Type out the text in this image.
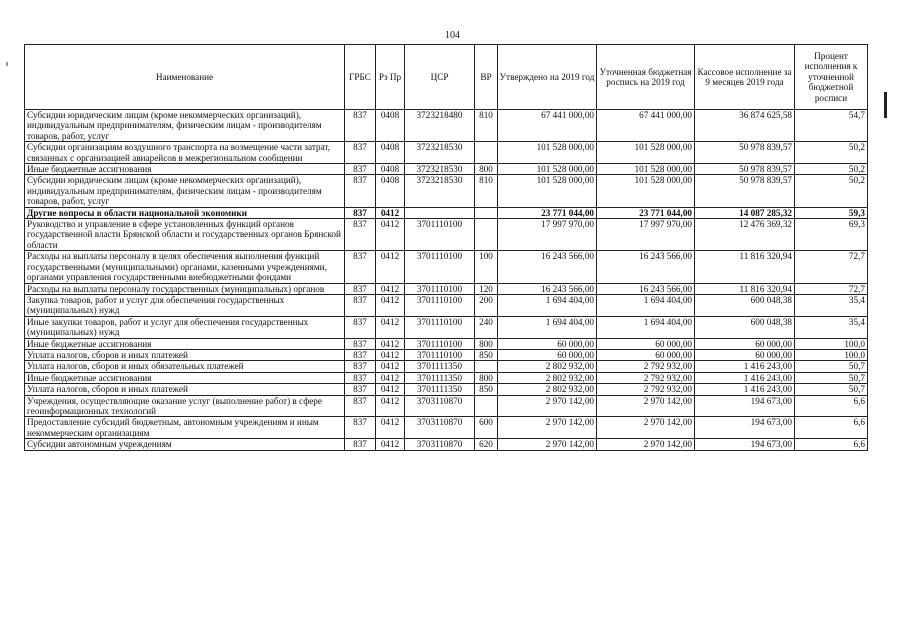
104
Наименование	ГРБС	Рз Пр	ЦСР	ВР	Утверждено на 2019 год	Уточненная бюджетная роспись на 2019 год	Кассовое исполнение за 9 месяцев 2019 года	Процент исполнения к уточненной бюджетной росписи
Субсидии юридическим лицам (кроме некоммерческих организаций), индивидуальным предпринимателям, физическим лицам - производителям товаров, работ, услуг	837	0408	3723218480	810	67 441 000,00	67 441 000,00	36 874 625,58	54,7
Субсидии организациям воздушного транспорта на возмещение части затрат, связанных с организацией авиарейсов в межрегиональном сообщении	837	0408	3723218530		101 528 000,00	101 528 000,00	50 978 839,57	50,2
Иные бюджетные ассигнования	837	0408	3723218530	800	101 528 000,00	101 528 000,00	50 978 839,57	50,2
Субсидии юридическим лицам (кроме некоммерческих организаций), индивидуальным предпринимателям, физическим лицам - производителям товаров, работ, услуг	837	0408	3723218530	810	101 528 000,00	101 528 000,00	50 978 839,57	50,2
Другие вопросы в области национальной экономики	837	0412			23 771 044,00	23 771 044,00	14 087 285,32	59,3
Руководство и управление в сфере установленных функций органов государственной власти Брянской области и государственных органов Брянской области	837	0412	3701110100		17 997 970,00	17 997 970,00	12 476 369,32	69,3
Расходы на выплаты персоналу в целях обеспечения выполнения функций государственными (муниципальными) органами, казенными учреждениями, органами управления государственными внебюджетными фондами	837	0412	3701110100	100	16 243 566,00	16 243 566,00	11 816 320,94	72,7
Расходы на выплаты персоналу государственных (муниципальных) органов	837	0412	3701110100	120	16 243 566,00	16 243 566,00	11 816 320,94	72,7
Закупка товаров, работ и услуг для обеспечения государственных (муниципальных) нужд	837	0412	3701110100	200	1 694 404,00	1 694 404,00	600 048,38	35,4
Иные закупки товаров, работ и услуг для обеспечения государственных (муниципальных) нужд	837	0412	3701110100	240	1 694 404,00	1 694 404,00	600 048,38	35,4
Иные бюджетные ассигнования	837	0412	3701110100	800	60 000,00	60 000,00	60 000,00	100,0
Уплата налогов, сборов и иных платежей	837	0412	3701110100	850	60 000,00	60 000,00	60 000,00	100,0
Уплата налогов, сборов и иных обязательных платежей	837	0412	3701111350		2 802 932,00	2 792 932,00	1 416 243,00	50,7
Иные бюджетные ассигнования	837	0412	3701111350	800	2 802 932,00	2 792 932,00	1 416 243,00	50,7
Уплата налогов, сборов и иных платежей	837	0412	3701111350	850	2 802 932,00	2 792 932,00	1 416 243,00	50,7
Учреждения, осуществляющие оказание услуг (выполнение работ) в сфере геоинформационных технологий	837	0412	3703110870		2 970 142,00	2 970 142,00	194 673,00	6,6
Предоставление субсидий бюджетным, автономным учреждениям и иным некоммерческим организациям	837	0412	3703110870	600	2 970 142,00	2 970 142,00	194 673,00	6,6
Субсидии автономным учреждениям	837	0412	3703110870	620	2 970 142,00	2 970 142,00	194 673,00	6,6
